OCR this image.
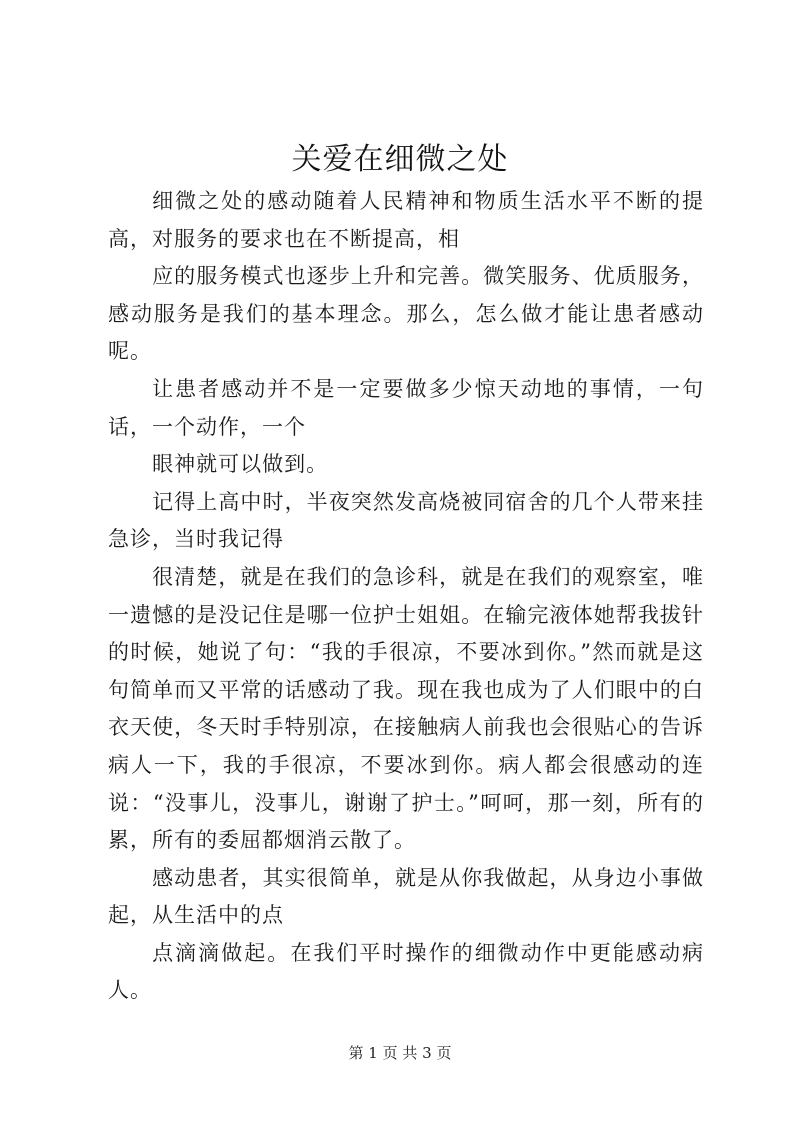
关爱在细微之处

细微之处的感动随着人民精神和物质生活水平不断的提高，对服务的要求也在不断提高，相

应的服务模式也逐步上升和完善。微笑服务、优质服务，感动服务是我们的基本理念。那么，怎么做才能让患者感动呢。

让患者感动并不是一定要做多少惊天动地的事情，一句话，一个动作，一个

眼神就可以做到。

记得上高中时，半夜突然发高烧被同宿舍的几个人带来挂急诊，当时我记得

很清楚，就是在我们的急诊科，就是在我们的观察室，唯一遗憾的是没记住是哪一位护士姐姐。在输完液体她帮我拔针的时候，她说了句：“我的手很凉，不要冰到你。”然而就是这句简单而又平常的话感动了我。现在我也成为了人们眼中的白衣天使，冬天时手特别凉，在接触病人前我也会很贴心的告诉病人一下，我的手很凉，不要冰到你。病人都会很感动的连说：“没事儿，没事儿，谢谢了护士。”呵呵，那一刻，所有的累，所有的委屈都烟消云散了。

感动患者，其实很简单，就是从你我做起，从身边小事做起，从生活中的点

点滴滴做起。在我们平时操作的细微动作中更能感动病人。

第 1 页 共 3 页
